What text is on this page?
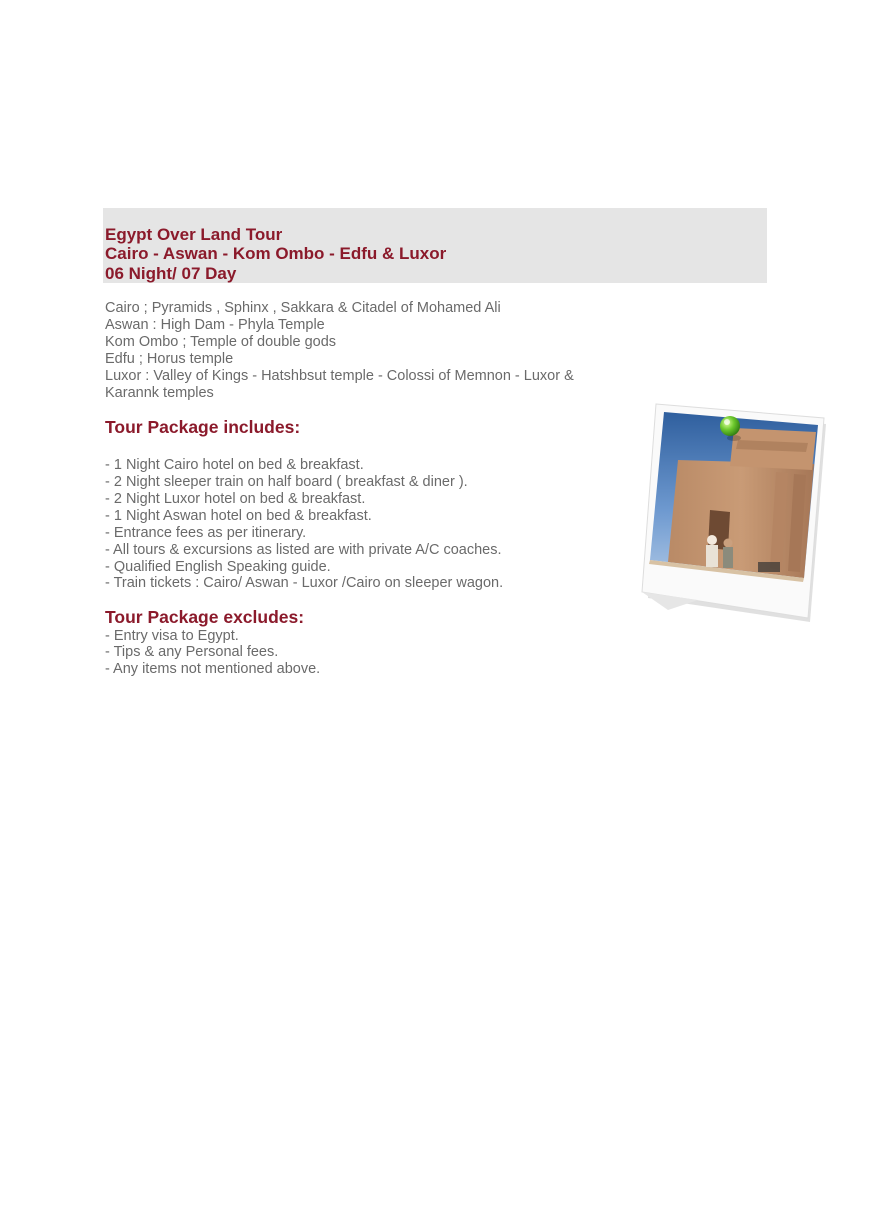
Egypt Over Land Tour
Cairo - Aswan - Kom Ombo - Edfu & Luxor
06 Night/ 07 Day
Cairo ; Pyramids , Sphinx , Sakkara & Citadel of Mohamed Ali
Aswan : High Dam - Phyla Temple
Kom Ombo ; Temple of double gods
Edfu ; Horus temple
Luxor : Valley of Kings - Hatshbsut temple - Colossi of Memnon - Luxor &
Karannk temples
Tour Package includes:
- 1 Night Cairo hotel on bed & breakfast.
- 2 Night sleeper train on half board ( breakfast & diner ).
- 2 Night Luxor hotel on bed & breakfast.
- 1 Night Aswan hotel on bed & breakfast.
- Entrance fees as per itinerary.
- All tours & excursions as listed are with private A/C coaches.
- Qualified English Speaking guide.
- Train tickets : Cairo/ Aswan - Luxor /Cairo on sleeper wagon.
Tour Package excludes:
- Entry visa to Egypt.
- Tips & any Personal fees.
- Any items not mentioned above.
